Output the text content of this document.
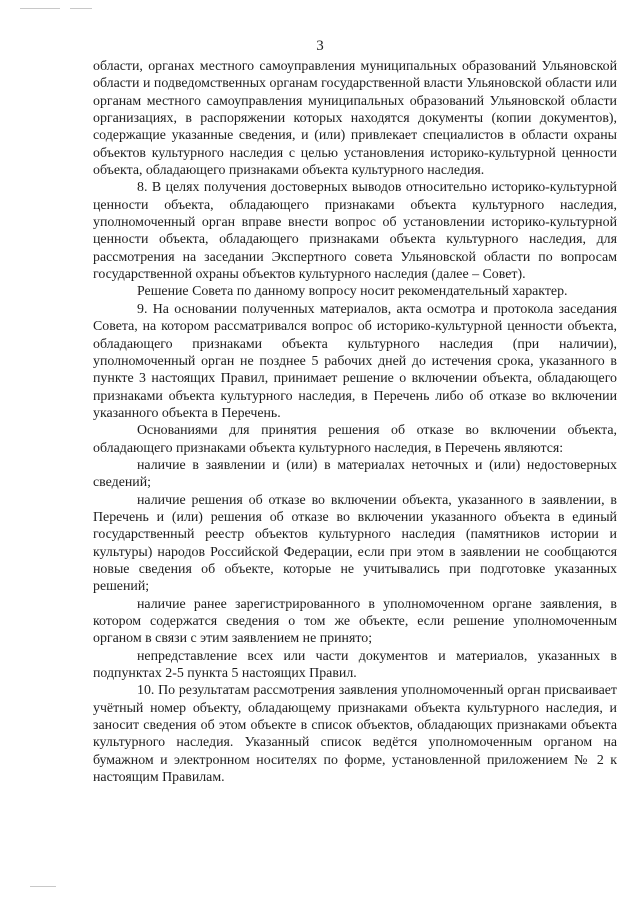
3

области, органах местного самоуправления муниципальных образований Ульяновской области и подведомственных органам государственной власти Ульяновской области или органам местного самоуправления муниципальных образований Ульяновской области организациях, в распоряжении которых находятся документы (копии документов), содержащие указанные сведения, и (или) привлекает специалистов в области охраны объектов культурного наследия с целью установления историко-культурной ценности объекта, обладающего признаками объекта культурного наследия.

8. В целях получения достоверных выводов относительно историко-культурной ценности объекта, обладающего признаками объекта культурного наследия, уполномоченный орган вправе внести вопрос об установлении историко-культурной ценности объекта, обладающего признаками объекта культурного наследия, для рассмотрения на заседании Экспертного совета Ульяновской области по вопросам государственной охраны объектов культурного наследия (далее – Совет).

Решение Совета по данному вопросу носит рекомендательный характер.

9. На основании полученных материалов, акта осмотра и протокола заседания Совета, на котором рассматривался вопрос об историко-культурной ценности объекта, обладающего признаками объекта культурного наследия (при наличии), уполномоченный орган не позднее 5 рабочих дней до истечения срока, указанного в пункте 3 настоящих Правил, принимает решение о включении объекта, обладающего признаками объекта культурного наследия, в Перечень либо об отказе во включении указанного объекта в Перечень.

Основаниями для принятия решения об отказе во включении объекта, обладающего признаками объекта культурного наследия, в Перечень являются:

наличие в заявлении и (или) в материалах неточных и (или) недостоверных сведений;

наличие решения об отказе во включении объекта, указанного в заявлении, в Перечень и (или) решения об отказе во включении указанного объекта в единый государственный реестр объектов культурного наследия (памятников истории и культуры) народов Российской Федерации, если при этом в заявлении не сообщаются новые сведения об объекте, которые не учитывались при подготовке указанных решений;

наличие ранее зарегистрированного в уполномоченном органе заявления, в котором содержатся сведения о том же объекте, если решение уполномоченным органом в связи с этим заявлением не принято;

непредставление всех или части документов и материалов, указанных в подпунктах 2-5 пункта 5 настоящих Правил.

10. По результатам рассмотрения заявления уполномоченный орган присваивает учётный номер объекту, обладающему признаками объекта культурного наследия, и заносит сведения об этом объекте в список объектов, обладающих признаками объекта культурного наследия. Указанный список ведётся уполномоченным органом на бумажном и электронном носителях по форме, установленной приложением № 2 к настоящим Правилам.
